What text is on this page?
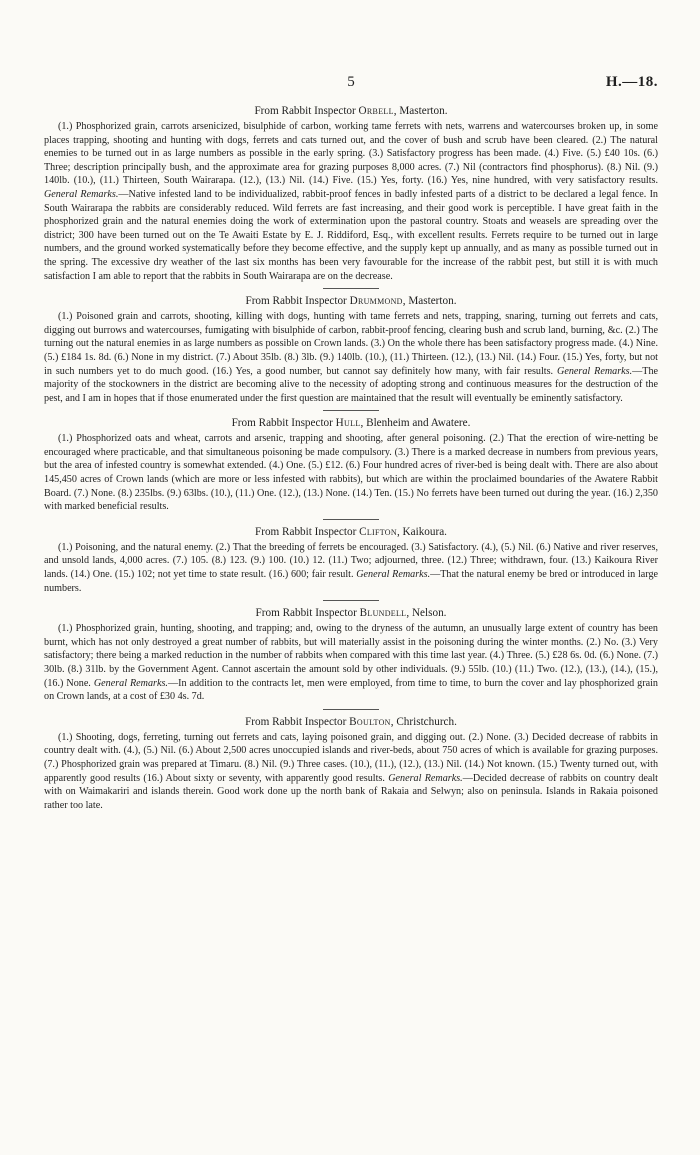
5	H.—18.
From Rabbit Inspector Orbell, Masterton.

(1.) Phosphorized grain, carrots arsenicized, bisulphide of carbon, working tame ferrets with nets, warrens and watercourses broken up, in some places trapping, shooting and hunting with dogs, ferrets and cats turned out, and the cover of bush and scrub have been cleared. (2.) The natural enemies to be turned out in as large numbers as possible in the early spring. (3.) Satisfactory progress has been made. (4.) Five. (5.) £40 10s. (6.) Three; description principally bush, and the approximate area for grazing purposes 8,000 acres. (7.) Nil (contractors find phosphorus). (8.) Nil. (9.) 140lb. (10.), (11.) Thirteen, South Wairarapa. (12.), (13.) Nil. (14.) Five. (15.) Yes, forty. (16.) Yes, nine hundred, with very satisfactory results. General Remarks.—Native infested land to be individualized, rabbit-proof fences in badly infested parts of a district to be declared a legal fence. In South Wairarapa the rabbits are considerably reduced. Wild ferrets are fast increasing, and their good work is perceptible. I have great faith in the phosphorized grain and the natural enemies doing the work of extermination upon the pastoral country. Stoats and weasels are spreading over the district; 300 have been turned out on the Te Awaiti Estate by E. J. Riddiford, Esq., with excellent results. Ferrets require to be turned out in large numbers, and the ground worked systematically before they become effective, and the supply kept up annually, and as many as possible turned out in the spring. The excessive dry weather of the last six months has been very favourable for the increase of the rabbit pest, but still it is with much satisfaction I am able to report that the rabbits in South Wairarapa are on the decrease.

From Rabbit Inspector Drummond, Masterton.

(1.) Poisoned grain and carrots, shooting, killing with dogs, hunting with tame ferrets and nets, trapping, snaring, turning out ferrets and cats, digging out burrows and watercourses, fumigating with bisulphide of carbon, rabbit-proof fencing, clearing bush and scrub land, burning, &c. (2.) The turning out the natural enemies in as large numbers as possible on Crown lands. (3.) On the whole there has been satisfactory progress made. (4.) Nine. (5.) £184 1s. 8d. (6.) None in my district. (7.) About 35lb. (8.) 3lb. (9.) 140lb. (10.), (11.) Thirteen. (12.), (13.) Nil. (14.) Four. (15.) Yes, forty, but not in such numbers yet to do much good. (16.) Yes, a good number, but cannot say definitely how many, with fair results. General Remarks.—The majority of the stockowners in the district are becoming alive to the necessity of adopting strong and continuous measures for the destruction of the pest, and I am in hopes that if those enumerated under the first question are maintained that the result will eventually be eminently satisfactory.

From Rabbit Inspector Hull, Blenheim and Awatere.

(1.) Phosphorized oats and wheat, carrots and arsenic, trapping and shooting, after general poisoning. (2.) That the erection of wire-netting be encouraged where practicable, and that simultaneous poisoning be made compulsory. (3.) There is a marked decrease in numbers from previous years, but the area of infested country is somewhat extended. (4.) One. (5.) £12. (6.) Four hundred acres of river-bed is being dealt with. There are also about 145,450 acres of Crown lands (which are more or less infested with rabbits), but which are within the proclaimed boundaries of the Awatere Rabbit Board. (7.) None. (8.) 235lbs. (9.) 63lbs. (10.), (11.) One. (12.), (13.) None. (14.) Ten. (15.) No ferrets have been turned out during the year. (16.) 2,350 with marked beneficial results.

From Rabbit Inspector Clifton, Kaikoura.

(1.) Poisoning, and the natural enemy. (2.) That the breeding of ferrets be encouraged. (3.) Satisfactory. (4.), (5.) Nil. (6.) Native and river reserves, and unsold lands, 4,000 acres. (7.) 105. (8.) 123. (9.) 100. (10.) 12. (11.) Two; adjourned, three. (12.) Three; withdrawn, four. (13.) Kaikoura River lands. (14.) One. (15.) 102; not yet time to state result. (16.) 600; fair result. General Remarks.—That the natural enemy be bred or introduced in large numbers.

From Rabbit Inspector Blundell, Nelson.

(1.) Phosphorized grain, hunting, shooting, and trapping; and, owing to the dryness of the autumn, an unusually large extent of country has been burnt, which has not only destroyed a great number of rabbits, but will materially assist in the poisoning during the winter months. (2.) No. (3.) Very satisfactory; there being a marked reduction in the number of rabbits when compared with this time last year. (4.) Three. (5.) £28 6s. 0d. (6.) None. (7.) 30lb. (8.) 31lb. by the Government Agent. Cannot ascertain the amount sold by other individuals. (9.) 55lb. (10.) (11.) Two. (12.), (13.), (14.), (15.), (16.) None. General Remarks.—In addition to the contracts let, men were employed, from time to time, to burn the cover and lay phosphorized grain on Crown lands, at a cost of £30 4s. 7d.

From Rabbit Inspector Boulton, Christchurch.

(1.) Shooting, dogs, ferreting, turning out ferrets and cats, laying poisoned grain, and digging out. (2.) None. (3.) Decided decrease of rabbits in country dealt with. (4.), (5.) Nil. (6.) About 2,500 acres unoccupied islands and river-beds, about 750 acres of which is available for grazing purposes. (7.) Phosphorized grain was prepared at Timaru. (8.) Nil. (9.) Three cases. (10.), (11.), (12.), (13.) Nil. (14.) Not known. (15.) Twenty turned out, with apparently good results (16.) About sixty or seventy, with apparently good results. General Remarks.—Decided decrease of rabbits on country dealt with on Waimakariri and islands therein. Good work done up the north bank of Rakaia and Selwyn; also on peninsula. Islands in Rakaia poisoned rather too late.
